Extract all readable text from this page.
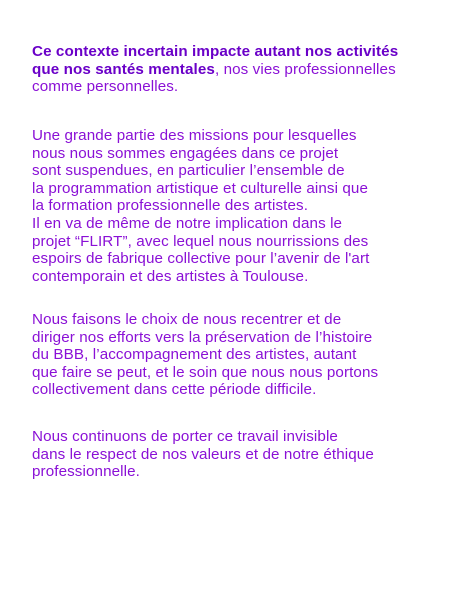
Ce contexte incertain impacte autant nos activités
que nos santés mentales, nos vies professionnelles
comme personnelles.

Une grande partie des missions pour lesquelles
nous nous sommes engagées dans ce projet
sont suspendues, en particulier l’ensemble de
la programmation artistique et culturelle ainsi que
la formation professionnelle des artistes.
Il en va de même de notre implication dans le
projet “FLIRT”, avec lequel nous nourrissions des
espoirs de fabrique collective pour l’avenir de l'art
contemporain et des artistes à Toulouse.

Nous faisons le choix de nous recentrer et de
diriger nos efforts vers la préservation de l’histoire
du BBB, l’accompagnement des artistes, autant
que faire se peut, et le soin que nous nous portons
collectivement dans cette période difficile.

Nous continuons de porter ce travail invisible
dans le respect de nos valeurs et de notre éthique
professionnelle.
